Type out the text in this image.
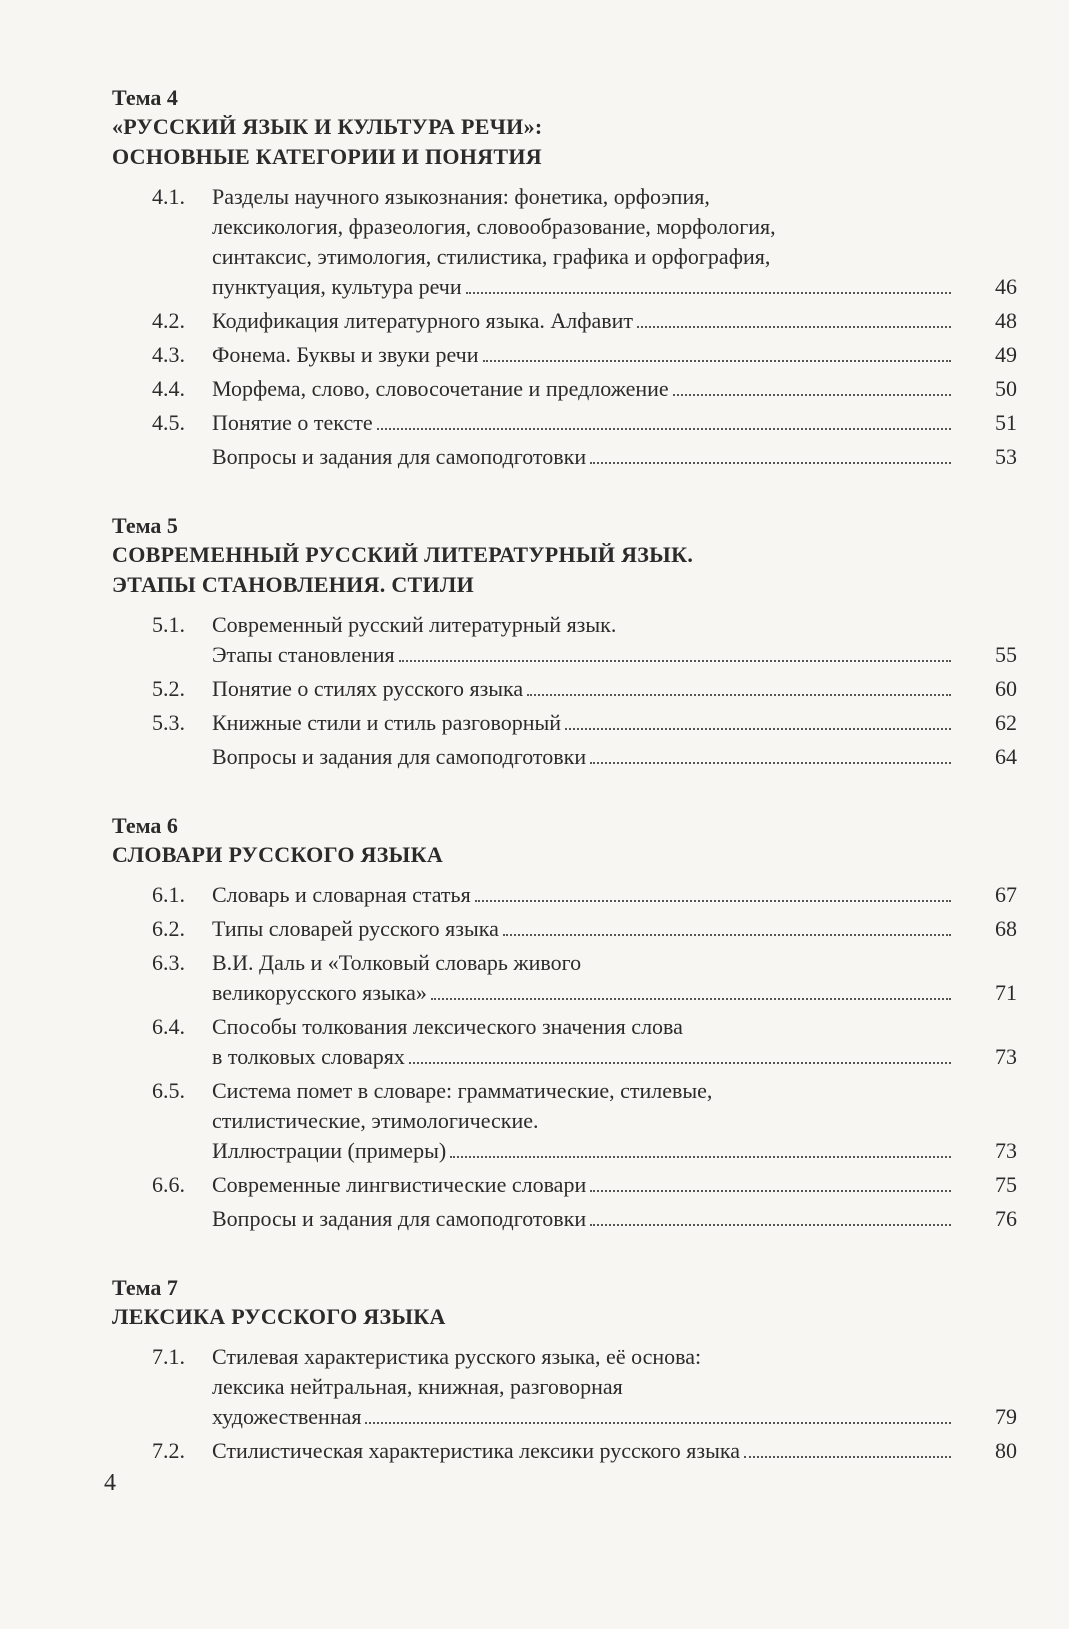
Тема 4
«РУССКИЙ ЯЗЫК И КУЛЬТУРА РЕЧИ»:
ОСНОВНЫЕ КАТЕГОРИИ И ПОНЯТИЯ
4.1.	Разделы научного языкознания: фонетика, орфоэпия,
лексикология, фразеология, словообразование, морфология,
синтаксис, этимология, стилистика, графика и орфография,
пунктуация, культура речи	46
4.2.	Кодификация литературного языка. Алфавит	48
4.3.	Фонема. Буквы и звуки речи	49
4.4.	Морфема, слово, словосочетание и предложение	50
4.5.	Понятие о тексте	51
Вопросы и задания для самоподготовки	53
Тема 5
СОВРЕМЕННЫЙ РУССКИЙ ЛИТЕРАТУРНЫЙ ЯЗЫК.
ЭТАПЫ СТАНОВЛЕНИЯ. СТИЛИ
5.1.	Современный русский литературный язык.
Этапы становления	55
5.2.	Понятие о стилях русского языка	60
5.3.	Книжные стили и стиль разговорный	62
Вопросы и задания для самоподготовки	64
Тема 6
СЛОВАРИ РУССКОГО ЯЗЫКА
6.1.	Словарь и словарная статья	67
6.2.	Типы словарей русского языка	68
6.3.	В.И. Даль и «Толковый словарь живого
великорусского языка»	71
6.4.	Способы толкования лексического значения слова
в толковых словарях	73
6.5.	Система помет в словаре: грамматические, стилевые,
стилистические, этимологические.
Иллюстрации (примеры)	73
6.6.	Современные лингвистические словари	75
Вопросы и задания для самоподготовки	76
Тема 7
ЛЕКСИКА РУССКОГО ЯЗЫКА
7.1.	Стилевая характеристика русского языка, её основа:
лексика нейтральная, книжная, разговорная
художественная	79
7.2.	Стилистическая характеристика лексики русского языка	80
4
